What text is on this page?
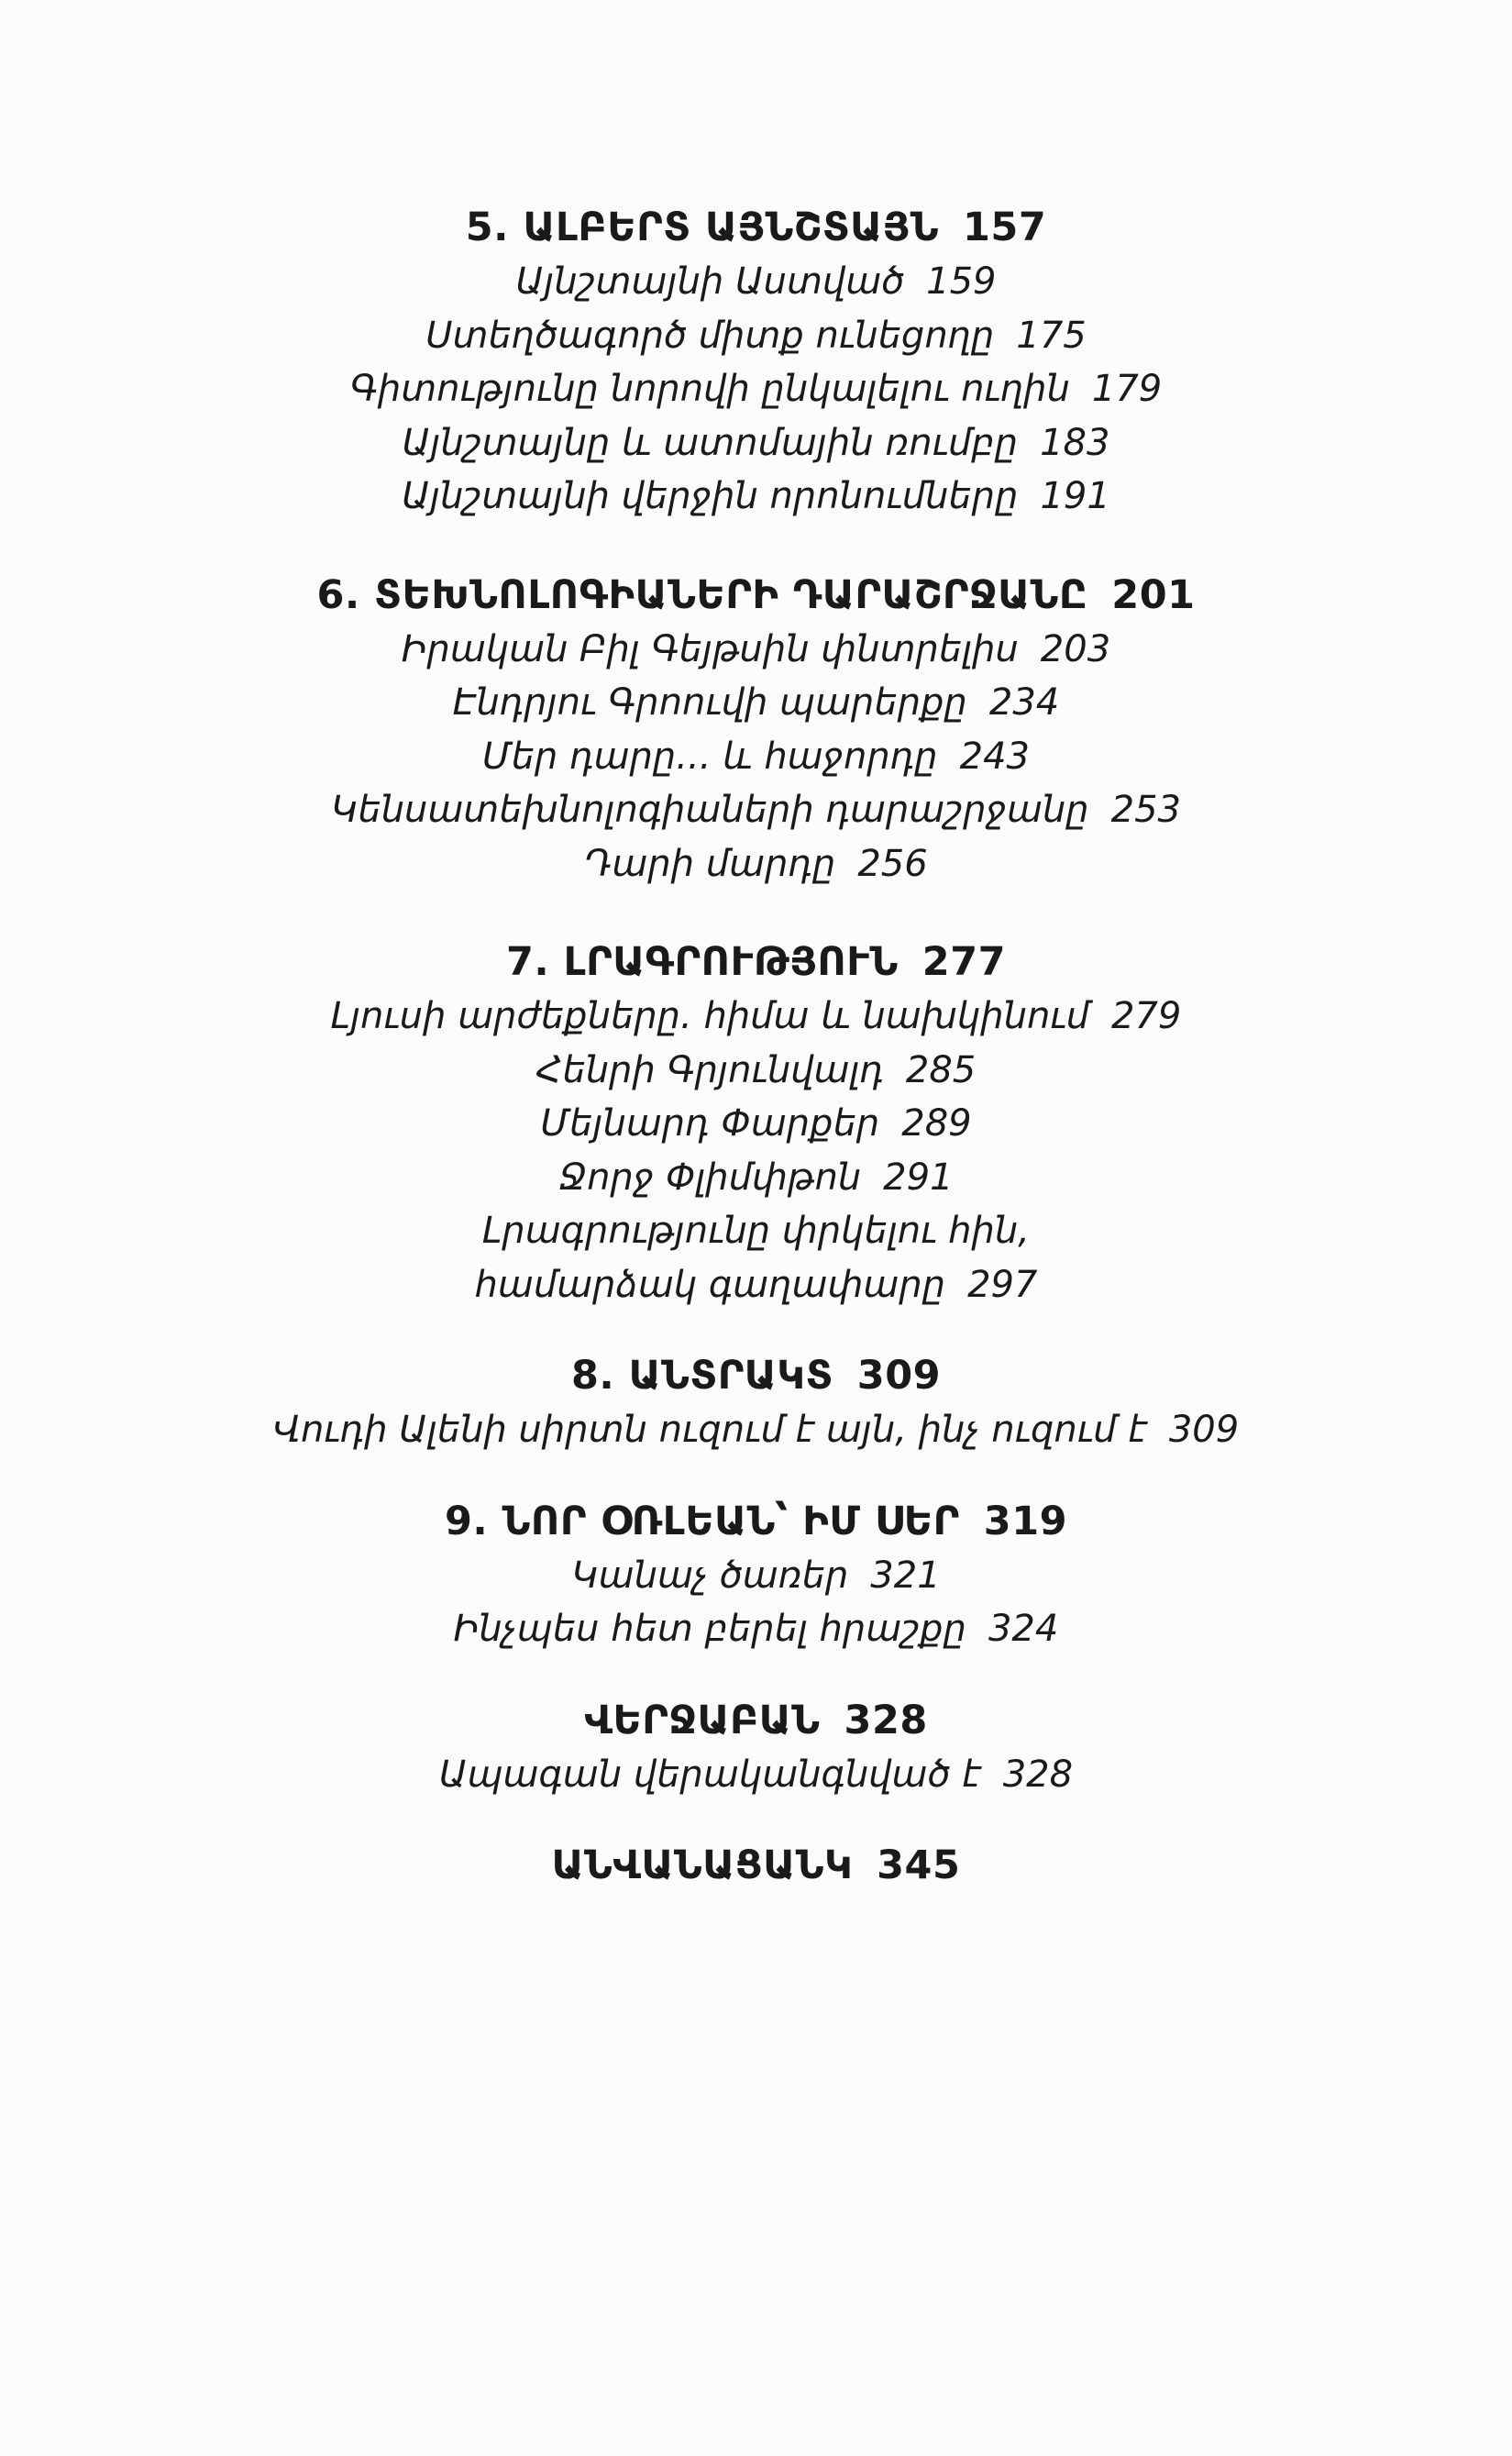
5. ԱԼԲԵՐՏ ԱՅՆՇՏԱՅՆ 157
Այնշտայնի Աստված 159
Ստեղծագործ միտք ունեցողը 175
Գիտությունը նորովի ընկալելու ուղին 179
Այնշտայնը և ատոմային ռումբը 183
Այնշտայնի վերջին որոնումները 191
6. ՏԵԽՆՈԼՈԳԻԱՆԵՐԻ ԴԱՐԱՇՐՋԱՆԸ 201
Իրական Բիլ Գեյթսին փնտրելիս 203
Էնդրյու Գրոուվի պարերքը 234
Մեր դարը... և հաջորդը 243
Կենսատեխնոլոգիաների դարաշրջանը 253
Դարի մարդը 256
7. ԼՐԱԳՐՈՒԹՅՈՒՆ 277
Լյուսի արժեքները. հիմա և նախկինում 279
Հենրի Գրյունվալդ 285
Մեյնարդ Փարքեր 289
Ջորջ Փլիմփթոն 291
Լրագրությունը փրկելու հին,
համարձակ գաղափարը 297
8. ԱՆՏՐԱԿՏ 309
Վուդի Ալենի սիրտն ուզում է այն, ինչ ուզում է 309
9. ՆՈՐ ՕՌԼԵԱՆ՝ ԻՄ ՍԵՐ 319
Կանաչ ծառեր 321
Ինչպես հետ բերել հրաշքը 324
ՎԵՐՋԱԲԱՆ 328
Ապագան վերականգնված է 328
ԱՆՎԱՆԱՑԱՆԿ 345
